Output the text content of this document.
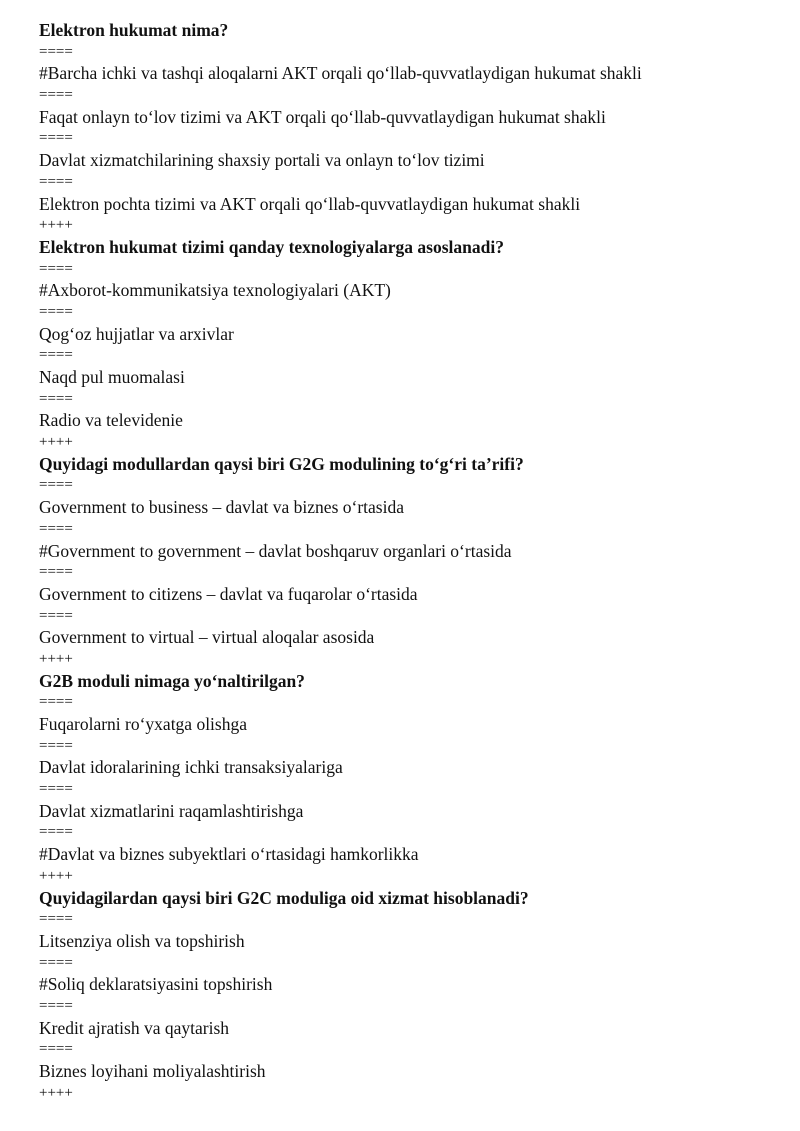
Elektron hukumat nima?
====
#Barcha ichki va tashqi aloqalarni AKT orqali qo‘llab-quvvatlaydigan hukumat shakli
====
Faqat onlayn to‘lov tizimi va AKT orqali qo‘llab-quvvatlaydigan hukumat shakli
====
Davlat xizmatchilarining shaxsiy portali va onlayn to‘lov tizimi
====
Elektron pochta tizimi va AKT orqali qo‘llab-quvvatlaydigan hukumat shakli
++++
Elektron hukumat tizimi qanday texnologiyalarga asoslanadi?
====
#Axborot-kommunikatsiya texnologiyalari (AKT)
====
Qog‘oz hujjatlar va arxivlar
====
Naqd pul muomalasi
====
Radio va televidenie
++++
Quyidagi modullardan qaysi biri G2G modulining to‘g‘ri ta’rifi?
====
Government to business – davlat va biznes o‘rtasida
====
#Government to government – davlat boshqaruv organlari o‘rtasida
====
Government to citizens – davlat va fuqarolar o‘rtasida
====
Government to virtual – virtual aloqalar asosida
++++
G2B moduli nimaga yo‘naltirilgan?
====
Fuqarolarni ro‘yxatga olishga
====
Davlat idoralarining ichki transaksiyalariga
====
Davlat xizmatlarini raqamlashtirishga
====
#Davlat va biznes subyektlari o‘rtasidagi hamkorlikka
++++
Quyidagilardan qaysi biri G2C moduliga oid xizmat hisoblanadi?
====
Litsenziya olish va topshirish
====
#Soliq deklaratsiyasini topshirish
====
Kredit ajratish va qaytarish
====
Biznes loyihani moliyalashtirish
++++
